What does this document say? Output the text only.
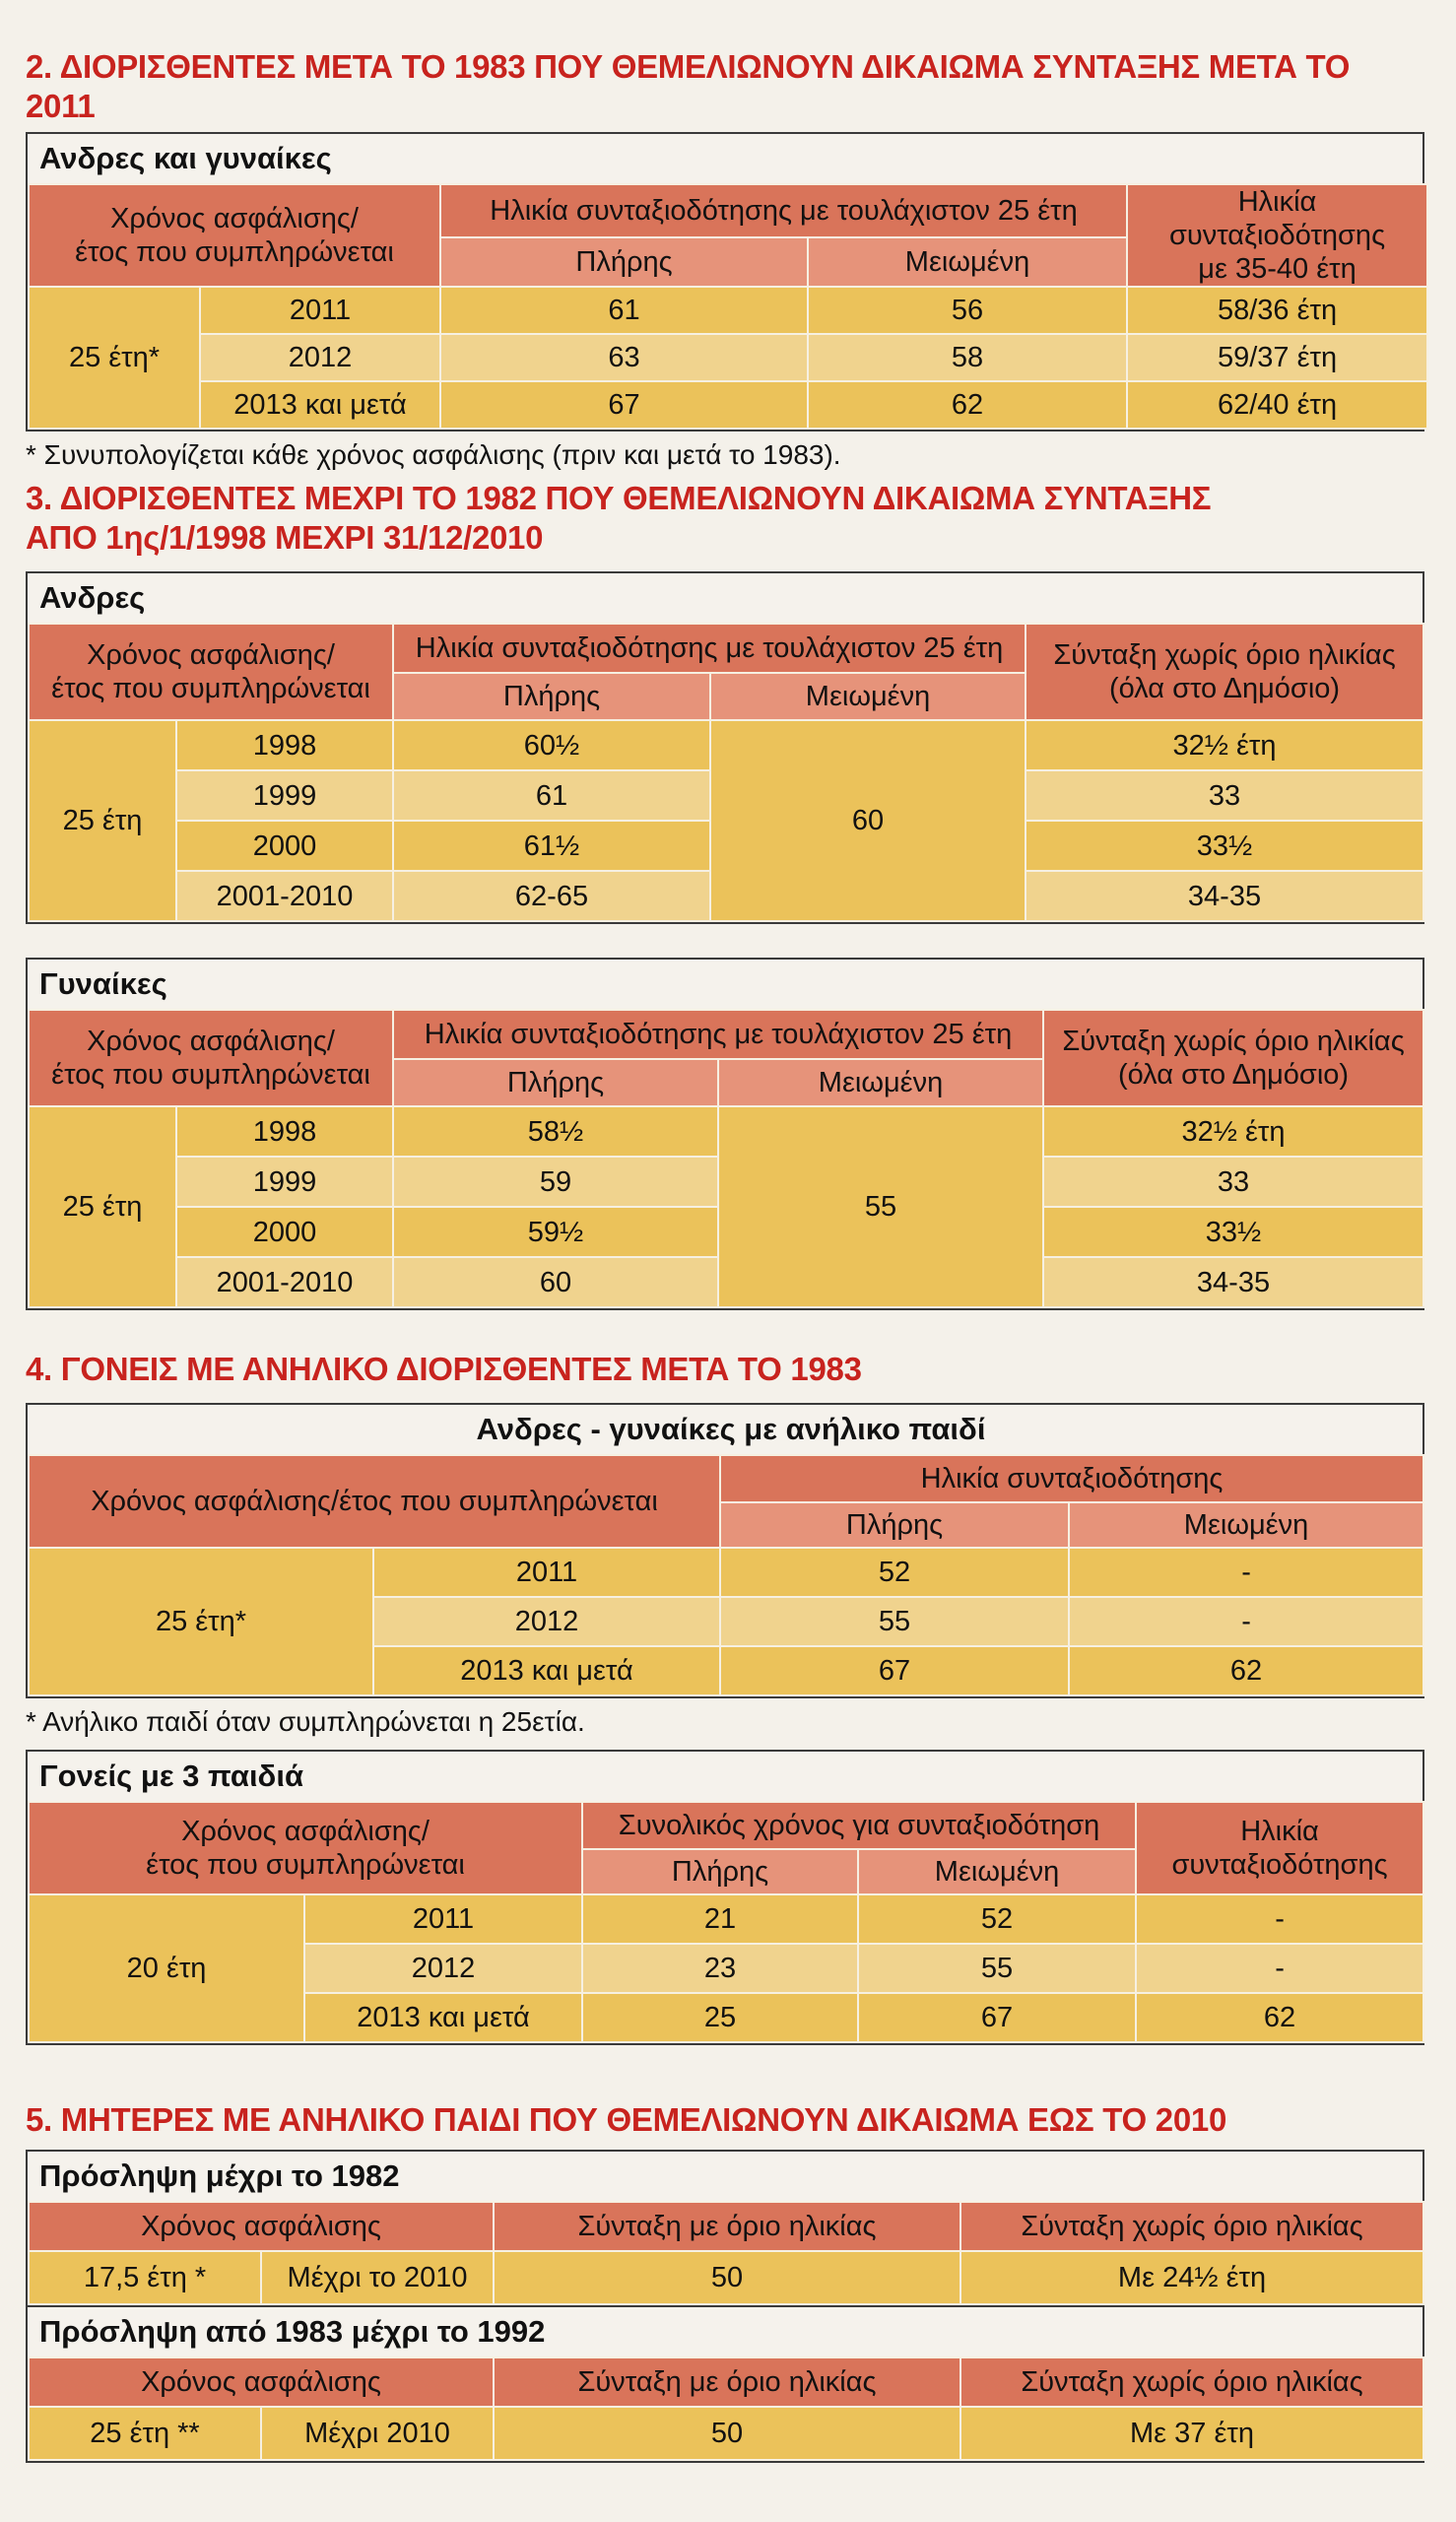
2. ΔΙΟΡΙΣΘΕΝΤΕΣ ΜΕΤΑ ΤΟ 1983 ΠΟΥ ΘΕΜΕΛΙΩΝΟΥΝ ΔΙΚΑΙΩΜΑ ΣΥΝΤΑΞΗΣ ΜΕΤΑ ΤΟ 2011
Ανδρες και γυναίκες
Χρόνος ασφάλισης/
έτος που συμπληρώνεται		Ηλικία συνταξιοδότησης με τουλάχιστον 25 έτη		Ηλικία συνταξιοδότησης
με 35-40 έτη
		Πλήρης	Μειωμένη	
25 έτη*	2011	61	56	58/36 έτη
	2012	63	58	59/37 έτη
	2013 και μετά	67	62	62/40 έτη
* Συνυπολογίζεται κάθε χρόνος ασφάλισης (πριν και μετά το 1983).
3. ΔΙΟΡΙΣΘΕΝΤΕΣ ΜΕΧΡΙ ΤΟ 1982 ΠΟΥ ΘΕΜΕΛΙΩΝΟΥΝ ΔΙΚΑΙΩΜΑ ΣΥΝΤΑΞΗΣ
ΑΠΟ 1ης/1/1998 ΜΕΧΡΙ 31/12/2010
Ανδρες
Χρόνος ασφάλισης/
έτος που συμπληρώνεται		Ηλικία συνταξιοδότησης με τουλάχιστον 25 έτη		Σύνταξη χωρίς όριο ηλικίας
(όλα στο Δημόσιο)
		Πλήρης	Μειωμένη	
25 έτη	1998	60½	60	32½ έτη
	1999	61		33
	2000	61½		33½
	2001-2010	62-65		34-35
Γυναίκες
Χρόνος ασφάλισης/
έτος που συμπληρώνεται		Ηλικία συνταξιοδότησης με τουλάχιστον 25 έτη		Σύνταξη χωρίς όριο ηλικίας
(όλα στο Δημόσιο)
		Πλήρης	Μειωμένη	
25 έτη	1998	58½	55	32½ έτη
	1999	59		33
	2000	59½		33½
	2001-2010	60		34-35
4. ΓΟΝΕΙΣ ΜΕ ΑΝΗΛΙΚΟ ΔΙΟΡΙΣΘΕΝΤΕΣ ΜΕΤΑ ΤΟ 1983
Ανδρες - γυναίκες με ανήλικο παιδί
Χρόνος ασφάλισης/έτος που συμπληρώνεται		Ηλικία συνταξιοδότησης	
		Πλήρης	Μειωμένη
25 έτη*	2011	52	-
	2012	55	-
	2013 και μετά	67	62
* Ανήλικο παιδί όταν συμπληρώνεται η 25ετία.
Γονείς με 3 παιδιά
Χρόνος ασφάλισης/
έτος που συμπληρώνεται		Συνολικός χρόνος για συνταξιοδότηση		Ηλικία
συνταξιοδότησης
		Πλήρης	Μειωμένη	
20 έτη	2011	21	52	-
	2012	23	55	-
	2013 και μετά	25	67	62
5. ΜΗΤΕΡΕΣ ΜΕ ΑΝΗΛΙΚΟ ΠΑΙΔΙ ΠΟΥ ΘΕΜΕΛΙΩΝΟΥΝ ΔΙΚΑΙΩΜΑ ΕΩΣ ΤΟ 2010
Πρόσληψη μέχρι το 1982
Χρόνος ασφάλισης		Σύνταξη με όριο ηλικίας	Σύνταξη χωρίς όριο ηλικίας
17,5 έτη *	Μέχρι το 2010	50	Με 24½ έτη
Πρόσληψη από 1983 μέχρι το 1992
Χρόνος ασφάλισης		Σύνταξη με όριο ηλικίας	Σύνταξη χωρίς όριο ηλικίας
25 έτη **	Μέχρι 2010	50	Με 37 έτη
